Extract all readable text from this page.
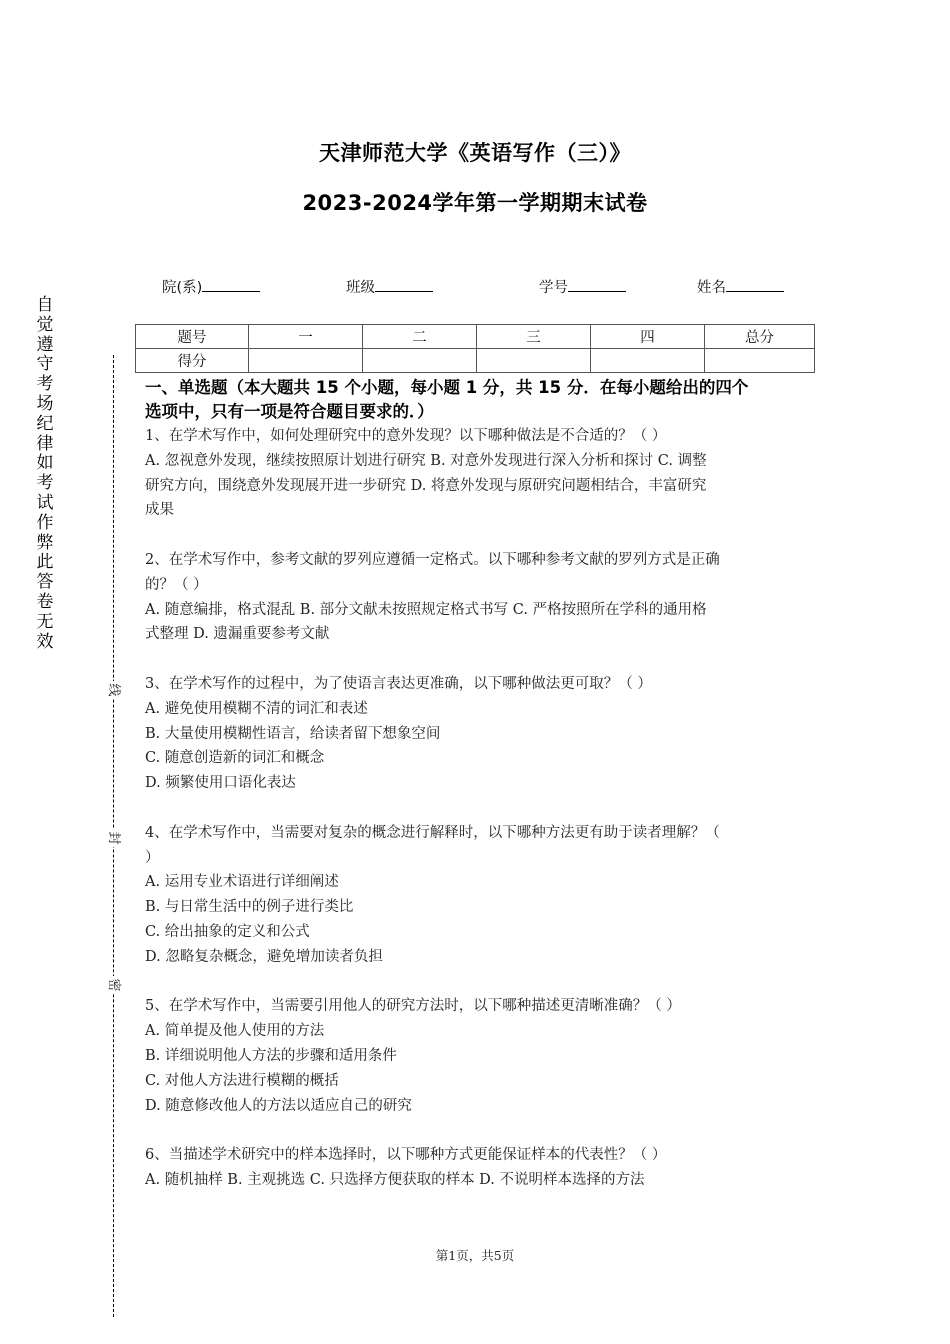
天津师范大学《英语写作（三）》
2023-2024学年第一学期期末试卷
自觉遵守考场纪律如考试作弊此答卷无效
线
封
密
院(系)	班级	学号	姓名
题号	一	二	三	四	总分
得分					
一、单选题（本大题共 15 个小题，每小题 1 分，共 15 分．在每小题给出的四个
选项中，只有一项是符合题目要求的．）

1、在学术写作中，如何处理研究中的意外发现？以下哪种做法是不合适的？（ ）

A. 忽视意外发现，继续按照原计划进行研究 B. 对意外发现进行深入分析和探讨 C. 调整

研究方向，围绕意外发现展开进一步研究 D. 将意外发现与原研究问题相结合，丰富研究

成果

2、在学术写作中，参考文献的罗列应遵循一定格式。以下哪种参考文献的罗列方式是正确

的？（ ）

A. 随意编排，格式混乱 B. 部分文献未按照规定格式书写 C. 严格按照所在学科的通用格

式整理 D. 遗漏重要参考文献

3、在学术写作的过程中，为了使语言表达更准确，以下哪种做法更可取？（ ）

A. 避免使用模糊不清的词汇和表述

B. 大量使用模糊性语言，给读者留下想象空间

C. 随意创造新的词汇和概念

D. 频繁使用口语化表达

4、在学术写作中，当需要对复杂的概念进行解释时，以下哪种方法更有助于读者理解？（

）

A. 运用专业术语进行详细阐述

B. 与日常生活中的例子进行类比

C. 给出抽象的定义和公式

D. 忽略复杂概念，避免增加读者负担

5、在学术写作中，当需要引用他人的研究方法时，以下哪种描述更清晰准确？（ ）

A. 简单提及他人使用的方法

B. 详细说明他人方法的步骤和适用条件

C. 对他人方法进行模糊的概括

D. 随意修改他人的方法以适应自己的研究

6、当描述学术研究中的样本选择时，以下哪种方式更能保证样本的代表性？（ ）

A. 随机抽样 B. 主观挑选 C. 只选择方便获取的样本 D. 不说明样本选择的方法

第1页，共5页
